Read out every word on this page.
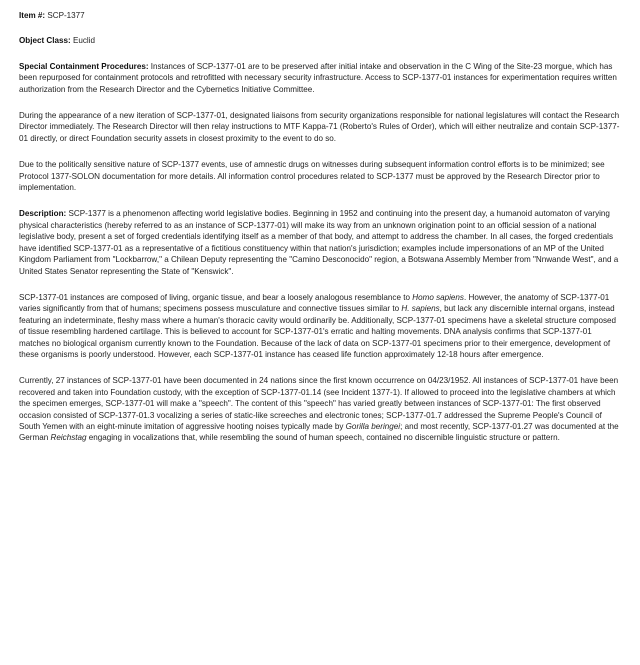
Item #: SCP-1377
Object Class: Euclid

Special Containment Procedures: Instances of SCP-1377-01 are to be preserved after initial intake and observation in the C Wing of the Site-23 morgue, which has been repurposed for containment protocols and retrofitted with necessary security infrastructure. Access to SCP-1377-01 instances for experimentation requires written authorization from the Research Director and the Cybernetics Initiative Committee.

During the appearance of a new iteration of SCP-1377-01, designated liaisons from security organizations responsible for national legislatures will contact the Research Director immediately. The Research Director will then relay instructions to MTF Kappa-71 (Roberto's Rules of Order), which will either neutralize and contain SCP-1377-01 directly, or direct Foundation security assets in closest proximity to the event to do so.

Due to the politically sensitive nature of SCP-1377 events, use of amnestic drugs on witnesses during subsequent information control efforts is to be minimized; see Protocol 1377-SOLON documentation for more details. All information control procedures related to SCP-1377 must be approved by the Research Director prior to implementation.

Description: SCP-1377 is a phenomenon affecting world legislative bodies. Beginning in 1952 and continuing into the present day, a humanoid automaton of varying physical characteristics (hereby referred to as an instance of SCP-1377-01) will make its way from an unknown origination point to an official session of a national legislative body, present a set of forged credentials identifying itself as a member of that body, and attempt to address the chamber. In all cases, the forged credentials have identified SCP-1377-01 as a representative of a fictitious constituency within that nation's jurisdiction; examples include impersonations of an MP of the United Kingdom Parliament from "Lockbarrow," a Chilean Deputy representing the "Camino Desconocido" region, a Botswana Assembly Member from "Nnwande West", and a United States Senator representing the State of "Kenswick".

SCP-1377-01 instances are composed of living, organic tissue, and bear a loosely analogous resemblance to Homo sapiens. However, the anatomy of SCP-1377-01 varies significantly from that of humans; specimens possess musculature and connective tissues similar to H. sapiens, but lack any discernible internal organs, instead featuring an indeterminate, fleshy mass where a human's thoracic cavity would ordinarily be. Additionally, SCP-1377-01 specimens have a skeletal structure composed of tissue resembling hardened cartilage. This is believed to account for SCP-1377-01's erratic and halting movements. DNA analysis confirms that SCP-1377-01 matches no biological organism currently known to the Foundation. Because of the lack of data on SCP-1377-01 specimens prior to their emergence, development of these organisms is poorly understood. However, each SCP-1377-01 instance has ceased life function approximately 12-18 hours after emergence.

Currently, 27 instances of SCP-1377-01 have been documented in 24 nations since the first known occurrence on 04/23/1952. All instances of SCP-1377-01 have been recovered and taken into Foundation custody, with the exception of SCP-1377-01.14 (see Incident 1377-1). If allowed to proceed into the legislative chambers at which the specimen emerges, SCP-1377-01 will make a "speech". The content of this "speech" has varied greatly between instances of SCP-1377-01: The first observed occasion consisted of SCP-1377-01.3 vocalizing a series of static-like screeches and electronic tones; SCP-1377-01.7 addressed the Supreme People's Council of South Yemen with an eight-minute imitation of aggressive hooting noises typically made by Gorilla beringei; and most recently, SCP-1377-01.27 was documented at the German Reichstag engaging in vocalizations that, while resembling the sound of human speech, contained no discernible linguistic structure or pattern.
